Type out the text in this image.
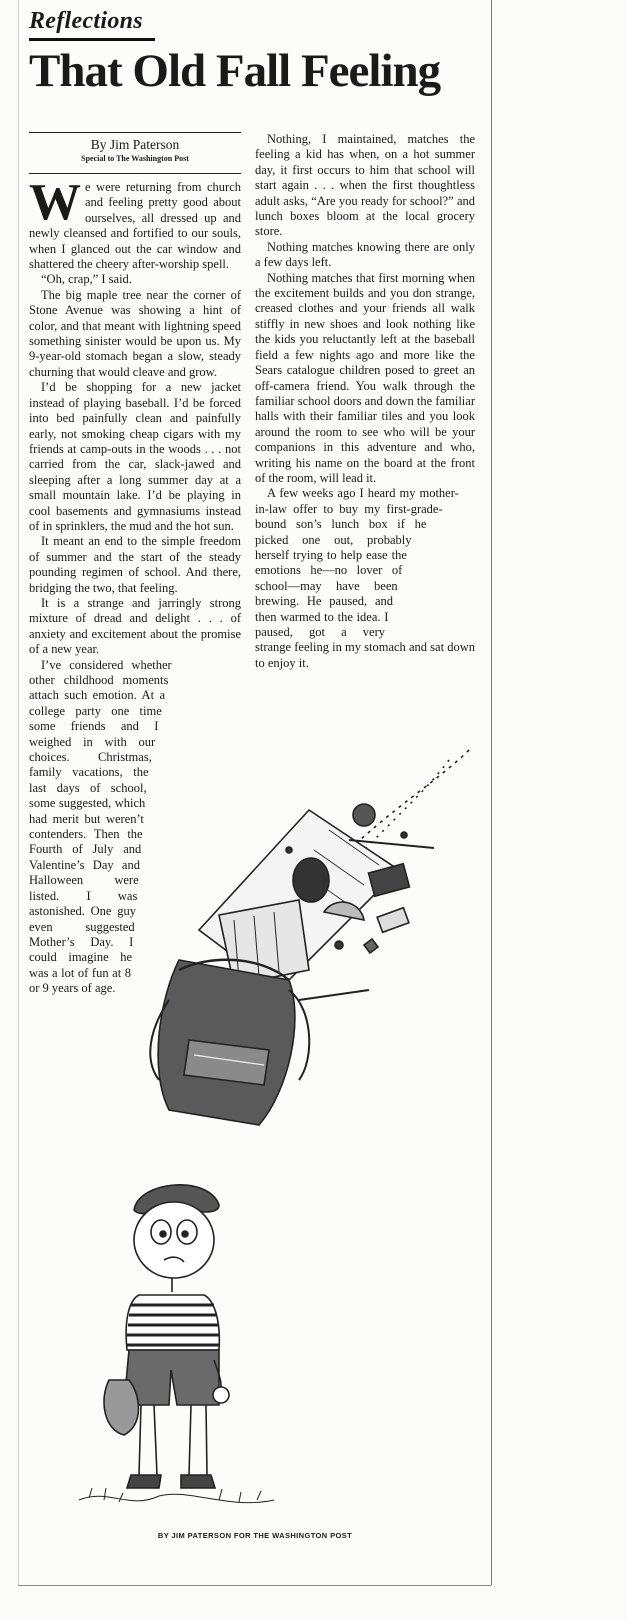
Reflections
That Old Fall Feeling
By Jim Paterson
Special to The Washington Post

We were returning from church and feeling pretty good about ourselves, all dressed up and newly cleansed and fortified to our souls, when I glanced out the car window and shattered the cheery after-worship spell.

“Oh, crap,” I said.

The big maple tree near the corner of Stone Avenue was showing a hint of color, and that meant with lightning speed something sinister would be upon us. My 9-year-old stomach began a slow, steady churning that would cleave and grow.

I’d be shopping for a new jacket instead of playing baseball. I’d be forced into bed painfully clean and painfully early, not smoking cheap cigars with my friends at camp-outs in the woods . . . not carried from the car, slack-jawed and sleeping after a long summer day at a small mountain lake. I’d be playing in cool basements and gymnasiums instead of in sprinklers, the mud and the hot sun.

It meant an end to the simple freedom of summer and the start of the steady pounding regimen of school. And there, bridging the two, that feeling.

It is a strange and jarringly strong mixture of dread and delight . . . of anxiety and excitement about the promise of a new year.

I’ve considered whether other childhood moments attach such emotion. At a college party one time some friends and I weighed in with our choices. Christmas, family vacations, the last days of school, some suggested, which had merit but weren’t contenders. Then the Fourth of July and Valentine’s Day and Halloween were listed. I was astonished. One guy even suggested Mother’s Day. I could imagine he was a lot of fun at 8 or 9 years of age.

Nothing, I maintained, matches the feeling a kid has when, on a hot summer day, it first occurs to him that school will start again . . . when the first thoughtless adult asks, “Are you ready for school?” and lunch boxes bloom at the local grocery store.

Nothing matches knowing there are only a few days left.

Nothing matches that first morning when the excitement builds and you don strange, creased clothes and your friends all walk stiffly in new shoes and look nothing like the kids you reluctantly left at the baseball field a few nights ago and more like the Sears catalogue children posed to greet an off-camera friend. You walk through the familiar school doors and down the familiar halls with their familiar tiles and you look around the room to see who will be your companions in this adventure and who, writing his name on the board at the front of the room, will lead it.

A few weeks ago I heard my mother-in-law offer to buy my first-grade-bound son’s lunch box if he picked one out, probably herself trying to help ease the emotions he—no lover of school—may have been brewing. He paused, and then warmed to the idea. I paused, got a very strange feeling in my stomach and sat down to enjoy it.

BY JIM PATERSON FOR THE WASHINGTON POST
